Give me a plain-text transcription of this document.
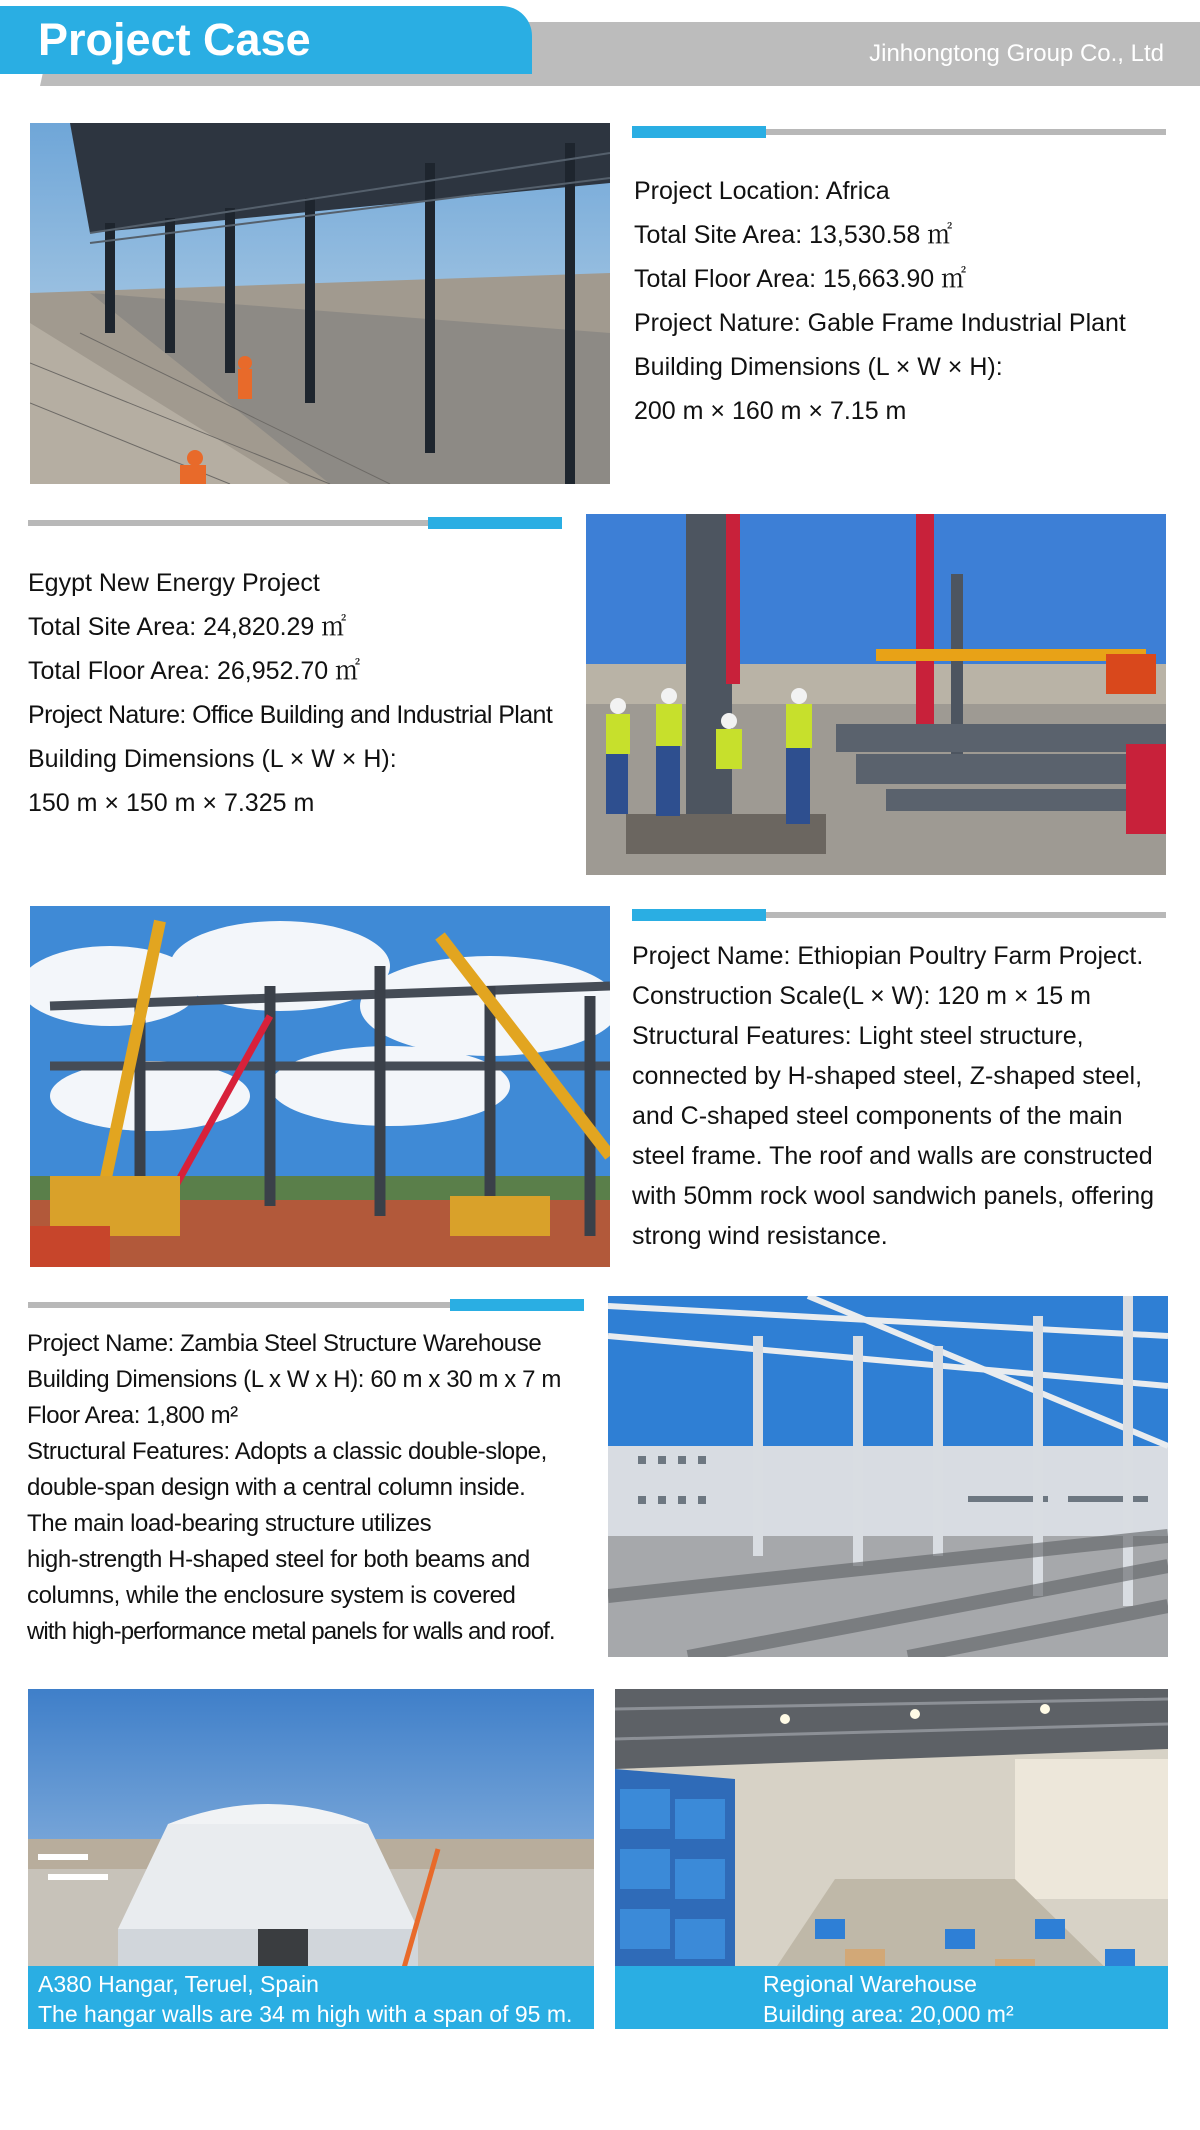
Project Case	Jinhongtong Group Co., Ltd
Project Location: Africa
Total Site Area: 13,530.58 ㎡
Total Floor Area: 15,663.90 ㎡
Project Nature: Gable Frame Industrial Plant
Building Dimensions (L × W × H):
200 m × 160 m × 7.15 m
Egypt New Energy Project
Total Site Area: 24,820.29 ㎡
Total Floor Area: 26,952.70 ㎡
Project Nature: Office Building and Industrial Plant
Building Dimensions (L × W × H):
150 m × 150 m × 7.325 m
Project Name: Ethiopian Poultry Farm Project.
Construction Scale(L × W): 120 m × 15 m
Structural Features: Light steel structure,
connected by H-shaped steel, Z-shaped steel,
and C-shaped steel components of the main
steel frame. The roof and walls are constructed
with 50mm rock wool sandwich panels, offering
strong wind resistance.
Project Name: Zambia Steel Structure Warehouse
Building Dimensions (L x W x H): 60 m x 30 m x 7 m
Floor Area: 1,800 m²
Structural Features: Adopts a classic double-slope,
double-span design with a central column inside.
The main load-bearing structure utilizes
high-strength H-shaped steel for both beams and
columns, while the enclosure system is covered
with high-performance metal panels for walls and roof.
A380 Hangar, Teruel, Spain
The hangar walls are 34 m high with a span of 95 m.
Regional Warehouse
Building area: 20,000 m²
